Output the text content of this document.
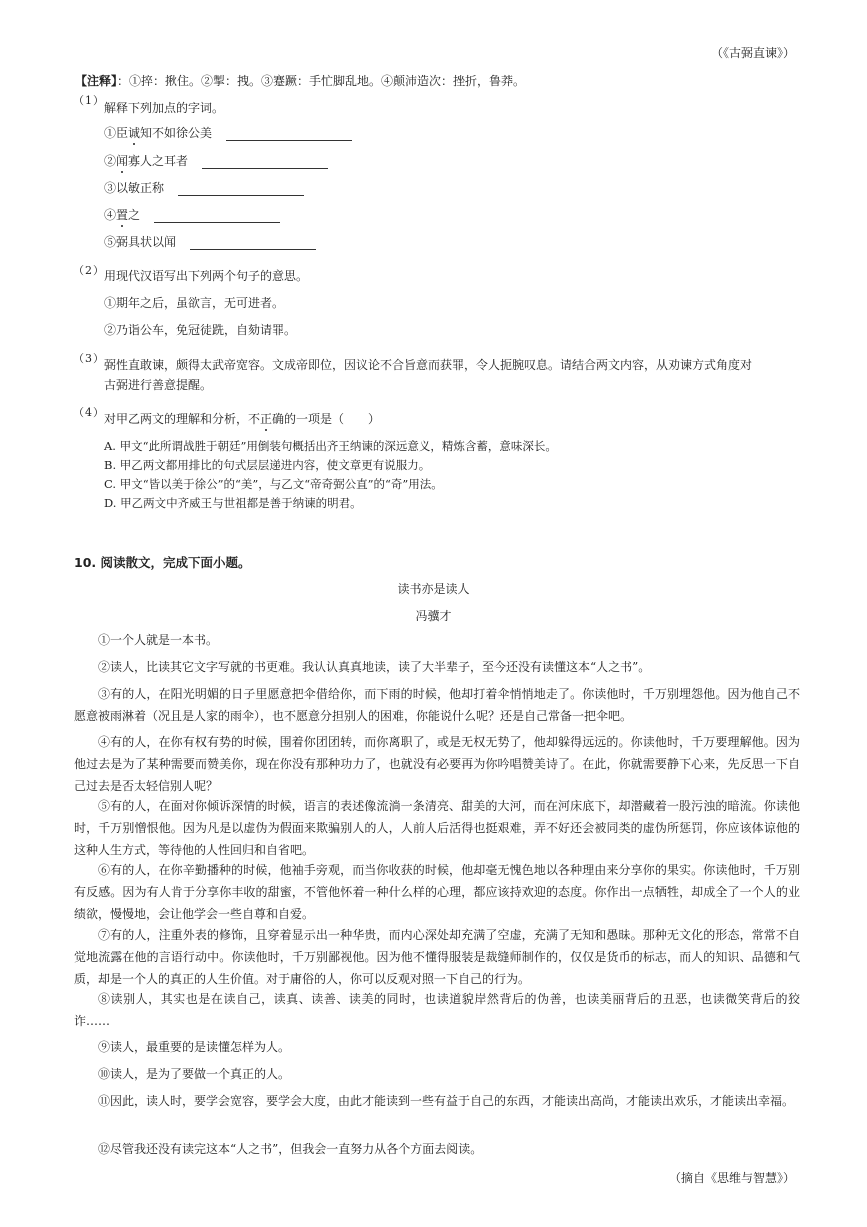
（《古弼直谏》）
【注释】：①捽：揪住。②掣：拽。③蹇蹶：手忙脚乱地。④颠沛造次：挫折，鲁莽。
（1）
解释下列加点的字词。
①臣诚知不如徐公美
②闻寡人之耳者
③以敏正称
④置之
⑤弼具状以闻
（2） 用现代汉语写出下列两个句子的意思。
①期年之后，虽欲言，无可进者。
②乃诣公车，免冠徒跣，自劾请罪。
（3） 弼性直敢谏，颇得太武帝宽容。文成帝即位，因议论不合旨意而获罪，令人扼腕叹息。请结合两文内容，从劝谏方式角度对
古弼进行善意提醒。
（4） 对甲乙两文的理解和分析，不正确的一项是（　　）
A. 甲文“此所谓战胜于朝廷”用倒装句概括出齐王纳谏的深远意义，精炼含蓄，意味深长。
B. 甲乙两文都用排比的句式层层递进内容，使文章更有说服力。
C. 甲文“皆以美于徐公”的“美”，与乙文“帝奇弼公直”的“奇”用法。
D. 甲乙两文中齐威王与世祖都是善于纳谏的明君。
10. 阅读散文，完成下面小题。
读书亦是读人
冯骥才
①一个人就是一本书。
②读人，比读其它文字写就的书更难。我认认真真地读，读了大半辈子，至今还没有读懂这本“人之书”。
③有的人，在阳光明媚的日子里愿意把伞借给你，而下雨的时候，他却打着伞悄悄地走了。你读他时，千万别埋怨他。因为他自己不愿意被雨淋着（况且是人家的雨伞），也不愿意分担别人的困难，你能说什么呢？还是自己常备一把伞吧。
④有的人，在你有权有势的时候，围着你团团转，而你离职了，或是无权无势了，他却躲得远远的。你读他时，千万要理解他。因为他过去是为了某种需要而赞美你，现在你没有那种功力了，也就没有必要再为你吟唱赞美诗了。在此，你就需要静下心来，先反思一下自己过去是否太轻信别人呢？
⑤有的人，在面对你倾诉深情的时候，语言的表述像流淌一条清亮、甜美的大河，而在河床底下，却潜藏着一股污浊的暗流。你读他时，千万别憎恨他。因为凡是以虚伪为假面来欺骗别人的人，人前人后活得也挺艰难，弄不好还会被同类的虚伪所惩罚，你应该体谅他的这种人生方式，等待他的人性回归和自省吧。
⑥有的人，在你辛勤播种的时候，他袖手旁观，而当你收获的时候，他却毫无愧色地以各种理由来分享你的果实。你读他时，千万别有反感。因为有人肯于分享你丰收的甜蜜，不管他怀着一种什么样的心理，都应该持欢迎的态度。你作出一点牺牲，却成全了一个人的业绩欲，慢慢地，会让他学会一些自尊和自爱。
⑦有的人，注重外表的修饰，且穿着显示出一种华贵，而内心深处却充满了空虚，充满了无知和愚昧。那种无文化的形态，常常不自觉地流露在他的言语行动中。你读他时，千万别鄙视他。因为他不懂得服装是裁缝师制作的，仅仅是货币的标志，而人的知识、品德和气质，却是一个人的真正的人生价值。对于庸俗的人，你可以反观对照一下自己的行为。
⑧读别人，其实也是在读自己，读真、读善、读美的同时，也读道貌岸然背后的伪善，也读美丽背后的丑恶，也读微笑背后的狡诈……
⑨读人，最重要的是读懂怎样为人。
⑩读人，是为了要做一个真正的人。
⑪因此，读人时，要学会宽容，要学会大度，由此才能读到一些有益于自己的东西，才能读出高尚，才能读出欢乐，才能读出幸福。
⑫尽管我还没有读完这本“人之书”，但我会一直努力从各个方面去阅读。
（摘自《思维与智慧》）
